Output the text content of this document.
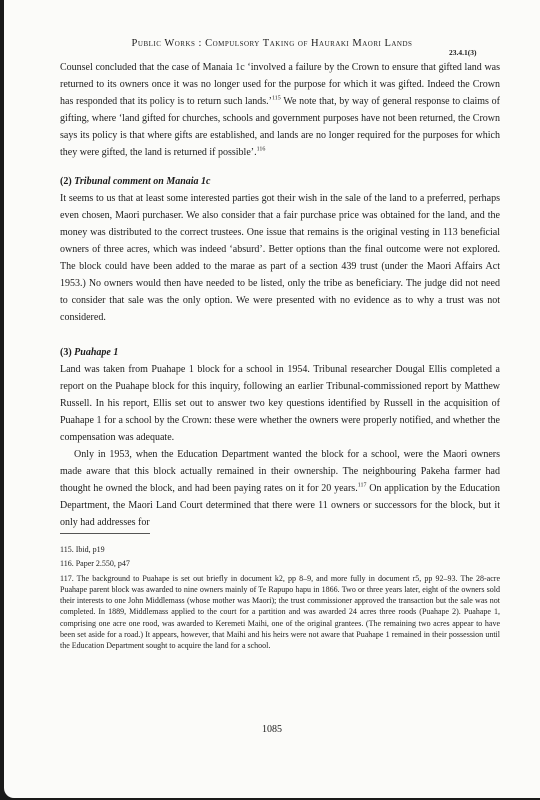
Public Works : Compulsory Taking of Hauraki Maori Lands
23.4.1(3)

Counsel concluded that the case of Manaia 1c ‘involved a failure by the Crown to ensure that gifted land was returned to its owners once it was no longer used for the purpose for which it was gifted. Indeed the Crown has responded that its policy is to return such lands.’$^{115}$ We note that, by way of general response to claims of gifting, where ‘land gifted for churches, schools and government purposes have not been returned, the Crown says its policy is that where gifts are established, and lands are no longer required for the purposes for which they were gifted, the land is returned if possible’.$^{116}$

(2) Tribunal comment on Manaia 1c

It seems to us that at least some interested parties got their wish in the sale of the land to a preferred, perhaps even chosen, Maori purchaser. We also consider that a fair purchase price was obtained for the land, and the money was distributed to the correct trustees. One issue that remains is the original vesting in 113 beneficial owners of three acres, which was indeed ‘absurd’. Better options than the final outcome were not explored. The block could have been added to the marae as part of a section 439 trust (under the Maori Affairs Act 1953.) No owners would then have needed to be listed, only the tribe as beneficiary. The judge did not need to consider that sale was the only option. We were presented with no evidence as to why a trust was not considered.

(3) Puahape 1

Land was taken from Puahape 1 block for a school in 1954. Tribunal researcher Dougal Ellis completed a report on the Puahape block for this inquiry, following an earlier Tribunal-commissioned report by Matthew Russell. In his report, Ellis set out to answer two key questions identified by Russell in the acquisition of Puahape 1 for a school by the Crown: these were whether the owners were properly notified, and whether the compensation was adequate.

Only in 1953, when the Education Department wanted the block for a school, were the Maori owners made aware that this block actually remained in their ownership. The neighbouring Pakeha farmer had thought he owned the block, and had been paying rates on it for 20 years.$^{117}$ On application by the Education Department, the Maori Land Court determined that there were 11 owners or successors for the block, but it only had addresses for

115. Ibid, p19

116. Paper 2.550, p47

117. The background to Puahape is set out briefly in document k2, pp 8–9, and more fully in document r5, pp 92–93. The 28-acre Puahape parent block was awarded to nine owners mainly of Te Rapupo hapu in 1866. Two or three years later, eight of the owners sold their interests to one John Middlemass (whose mother was Maori); the trust commissioner approved the transaction but the sale was not completed. In 1889, Middlemass applied to the court for a partition and was awarded 24 acres three roods (Puahape 2). Puahape 1, comprising one acre one rood, was awarded to Keremeti Maihi, one of the original grantees. (The remaining two acres appear to have been set aside for a road.) It appears, however, that Maihi and his heirs were not aware that Puahape 1 remained in their possession until the Education Department sought to acquire the land for a school.

1085
